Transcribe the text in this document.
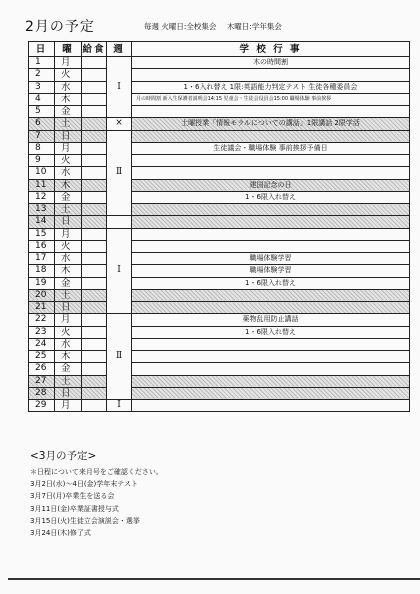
2月の予定	毎週 火曜日:全校集会 木曜日:学年集会
日	曜	給食	週	学 校 行 事
1	月		Ⅰ	木の時間割
2	火			
3	水			1・6入れ替え 1限:英語能力判定テスト 生徒各種委員会
4	木			月の時間割 新入生保護者説明会14:15 児童会・生徒会役員会15:00 職場体験 事前挨拶
5	金			
6	土		×	土曜授業「情報モラルについての講話」1限講話 2限学活
7	日		Ⅱ	
8	月			生徒議会・職場体験 事前挨拶予備日
9	火			
10	水			
11	木			建国記念の日
12	金			1・6限入れ替え
13	土			
14	日			
15	月		Ⅰ	
16	火			
17	水			職場体験学習
18	木			職場体験学習
19	金			1・6限入れ替え
20	土			
21	日			
22	月		Ⅱ	薬物乱用防止講話
23	火			1・6限入れ替え
24	水			
25	木			
26	金			
27	土			
28	日			
29	月		Ⅰ	
<3月の予定>
＊日程について来月号をご確認ください。
3月2日(水)～4日(金)学年末テスト
3月7日(月)卒業生を送る会
3月11日(金)卒業証書授与式
3月15日(火)生徒立会演説会・選挙
3月24日(木)修了式
